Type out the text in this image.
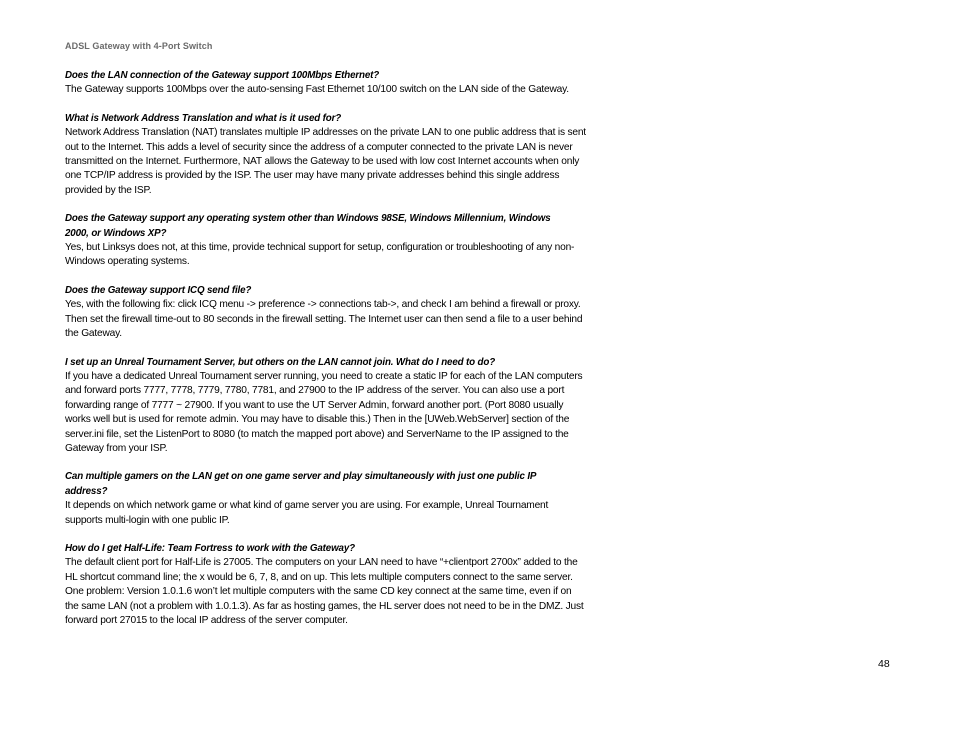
ADSL Gateway with 4-Port Switch
Does the LAN connection of the Gateway support 100Mbps Ethernet?
The Gateway supports 100Mbps over the auto-sensing Fast Ethernet 10/100 switch on the LAN side of the Gateway.
What is Network Address Translation and what is it used for?
Network Address Translation (NAT) translates multiple IP addresses on the private LAN to one public address that is sent out to the Internet. This adds a level of security since the address of a computer connected to the private LAN is never transmitted on the Internet. Furthermore, NAT allows the Gateway to be used with low cost Internet accounts when only one TCP/IP address is provided by the ISP. The user may have many private addresses behind this single address provided by the ISP.
Does the Gateway support any operating system other than Windows 98SE, Windows Millennium, Windows 2000, or Windows XP?
Yes, but Linksys does not, at this time, provide technical support for setup, configuration or troubleshooting of any non-Windows operating systems.
Does the Gateway support ICQ send file?
Yes, with the following fix: click ICQ menu -> preference -> connections tab->, and check I am behind a firewall or proxy. Then set the firewall time-out to 80 seconds in the firewall setting. The Internet user can then send a file to a user behind the Gateway.
I set up an Unreal Tournament Server, but others on the LAN cannot join. What do I need to do?
If you have a dedicated Unreal Tournament server running, you need to create a static IP for each of the LAN computers and forward ports 7777, 7778, 7779, 7780, 7781, and 27900 to the IP address of the server. You can also use a port forwarding range of 7777 ~ 27900. If you want to use the UT Server Admin, forward another port. (Port 8080 usually works well but is used for remote admin. You may have to disable this.) Then in the [UWeb.WebServer] section of the server.ini file, set the ListenPort to 8080 (to match the mapped port above) and ServerName to the IP assigned to the Gateway from your ISP.
Can multiple gamers on the LAN get on one game server and play simultaneously with just one public IP address?
It depends on which network game or what kind of game server you are using. For example, Unreal Tournament supports multi-login with one public IP.
How do I get Half-Life: Team Fortress to work with the Gateway?
The default client port for Half-Life is 27005. The computers on your LAN need to have “+clientport 2700x” added to the HL shortcut command line; the x would be 6, 7, 8, and on up. This lets multiple computers connect to the same server. One problem: Version 1.0.1.6 won’t let multiple computers with the same CD key connect at the same time, even if on the same LAN (not a problem with 1.0.1.3). As far as hosting games, the HL server does not need to be in the DMZ. Just forward port 27015 to the local IP address of the server computer.
48
